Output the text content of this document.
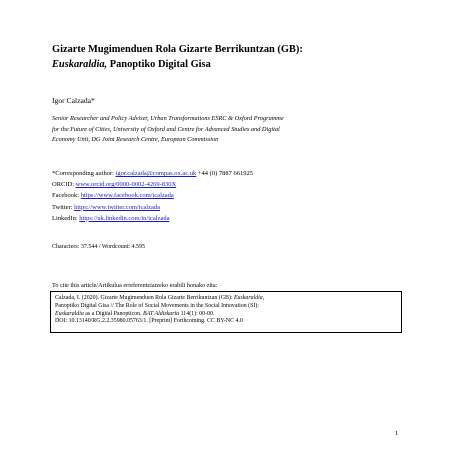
Gizarte Mugimenduen Rola Gizarte Berrikuntzan (GB):
Euskaraldia, Panoptiko Digital Gisa
Igor Calzada*
Senior Researcher and Policy Adviser, Urban Transformations ESRC & Oxford Programme
for the Future of Cities, University of Oxford and Centre for Advanced Studies and Digital
Economy Unit, DG Joint Research Centre, European Commission
*Corresponding author: igor.calzada@compas.ox.ac.uk +44 (0) 7887 661925
ORCID: www.orcid.org/0000-0002-4269-830X
Facebook: https://www.facebook.com/icalzada
Twitter: https://www.twitter.com/icalzada
LinkedIn: https://uk.linkedin.com/in/icalzada
Characters: 37.544 / Wordcount: 4.595
To cite this article/Artikulua erreferentziatzeko erabili honako zita:
Calzada, I. (2020). Gizarte Mugimenduen Rola Gizarte Berrikuntzan (GB): Euskaraldia,
Panoptiko Digital Gisa // The Role of Social Movements in the Social Innovation (SI):
Euskaraldia as a Digital Panopticon. BAT Aldizkaria 114(1): 00-00.
DOI: 10.13140/RG.2.2.35980.05763/1. [Preprint] Forthcoming. CC BY-NC 4.0
1
